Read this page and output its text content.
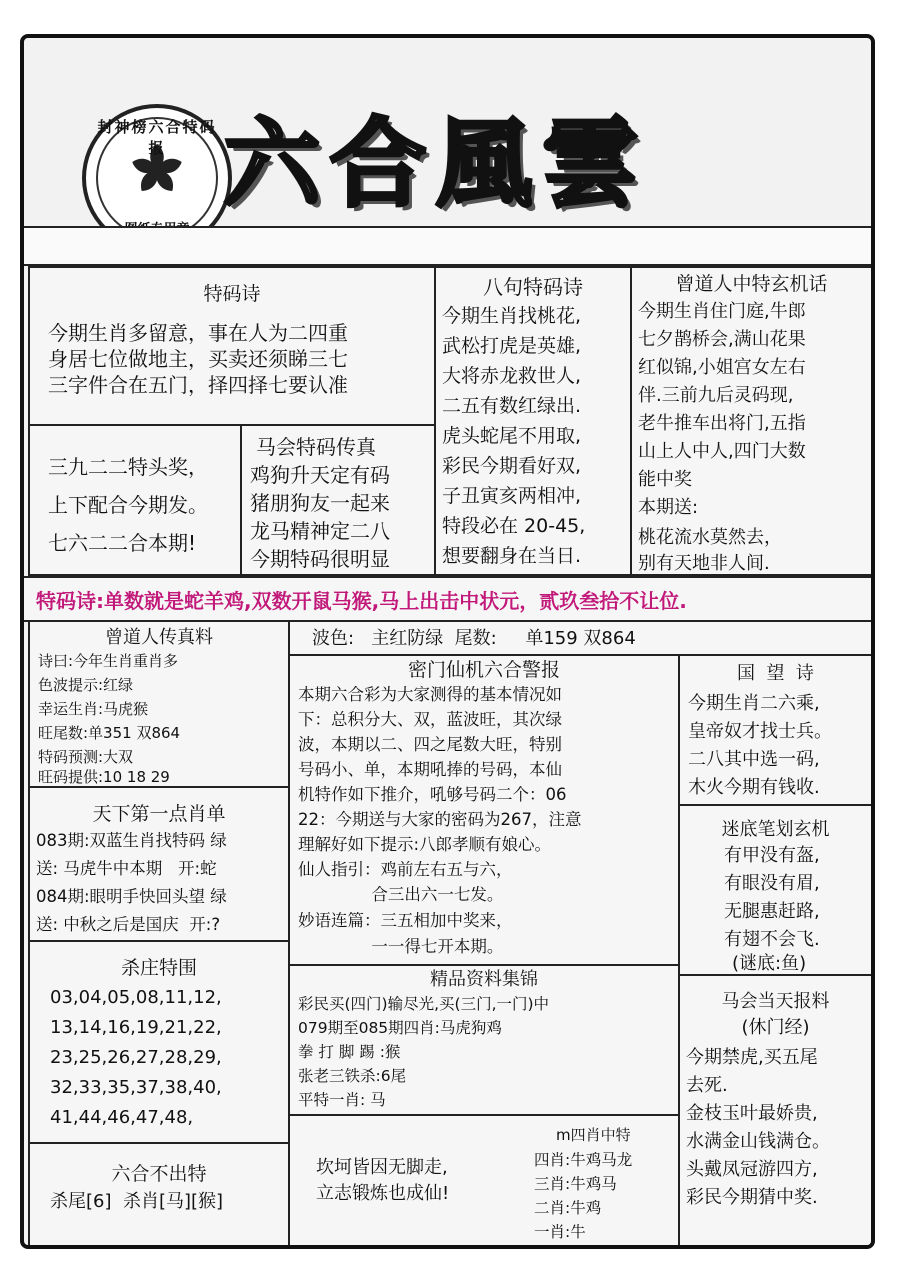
封神榜六合特码报 六合風雲
特码诗
今期生肖多留意，事在人为二四重
身居七位做地主，买卖还须睇三七
三字件合在五门，择四择七要认准
三九二二特头奖，
上下配合今期发。
七六二二合本期!
马会特码传真
鸡狗升天定有码
猪朋狗友一起来
龙马精神定二八
今期特码很明显
八句特码诗
今期生肖找桃花,
武松打虎是英雄,
大将赤龙救世人,
二五有数红绿出.
虎头蛇尾不用取,
彩民今期看好双,
子丑寅亥两相冲,
特段必在 20-45,
想要翻身在当日.
曾道人中特玄机话
今期生肖住门庭,牛郎
七夕鹊桥会,满山花果
红似锦,小姐宫女左右
伴.三前九后灵码现,
老牛推车出将门,五指
山上人中人,四门大数
能中奖
本期送:
桃花流水莫然去，
别有天地非人间.
特码诗:单数就是蛇羊鸡,双数开鼠马猴,马上出击中状元，贰玖叁拾不让位.
曾道人传真料
诗曰:今年生肖重肖多
色波提示:红绿
幸运生肖:马虎猴
旺尾数:单351 双864
特码预测:大双
旺码提供:10 18 29
波色:   主红防绿  尾数:     单159 双864
密门仙机六合警报
本期六合彩为大家测得的基本情况如
下：总积分大、双，蓝波旺，其次绿
波，本期以二、四之尾数大旺，特别
号码小、单，本期吼捧的号码，本仙
机特作如下推介，吼够号码二个：06
22：今期送与大家的密码为267，注意
理解好如下提示:八郎孝顺有娘心。
仙人指引：鸡前左右五与六，
合三出六一七发。
妙语连篇：三五相加中奖来，
一一得七开本期。
国  望  诗
今期生肖二六乘,
皇帝奴才找士兵。
二八其中选一码,
木火今期有钱收.
天下第一点肖单
083期:双蓝生肖找特码 绿
送: 马虎牛中本期   开:蛇
084期:眼明手快回头望 绿
送: 中秋之后是国庆  开:?
迷底笔划玄机
有甲没有盔,
有眼没有眉,
无腿惠赶路,
有翅不会飞.
(谜底:鱼)
杀庄特围
03,04,05,08,11,12,
13,14,16,19,21,22,
23,25,26,27,28,29,
32,33,35,37,38,40,
41,44,46,47,48,
精品资料集锦
彩民买(四门)输尽光,买(三门,一门)中
079期至085期四肖:马虎狗鸡
拳 打 脚 踢 :猴
张老三铁杀:6尾
平特一肖: 马
马会当天报料
(休门经)
今期禁虎,买五尾
去死.
金枝玉叶最娇贵,
水满金山钱满仓。
头戴凤冠游四方,
彩民今期猜中奖.
六合不出特
杀尾[6]  杀肖[马][猴]
坎坷皆因无脚走,
立志锻炼也成仙!
m四肖中特
四肖:牛鸡马龙
三肖:牛鸡马
二肖:牛鸡
一肖:牛
